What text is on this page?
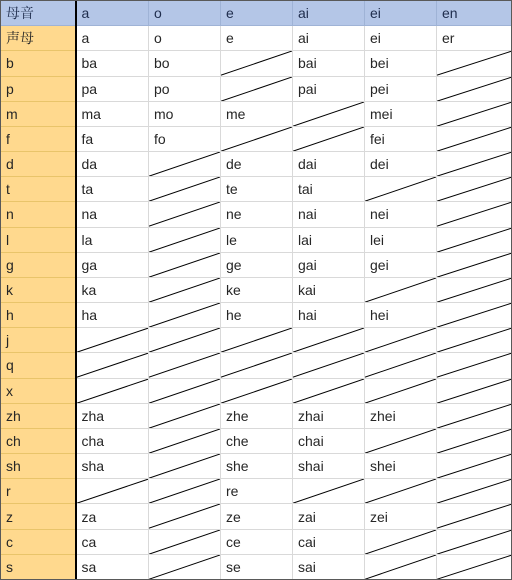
母音	a	o	e	ai	ei	en
声母	a	o	e	ai	ei	er
b	ba	bo		bai	bei	

p	pa	po		pai	pei	

m	ma	mo	me		mei	

f	fa	fo			fei	

d	da		de	dai	dei	

t	ta		te	tai	

n	na		ne	nai	nei	

l	la		le	lai	lei	

g	ga		ge	gai	gei	

k	ka		ke	kai	

h	ha		he	hai	hei	

j	

q	

x	

zh	zha		zhe	zhai	zhei	

ch	cha		che	chai	

sh	sha		she	shai	shei	

r			re	

z	za		ze	zai	zei	

c	ca		ce	cai	

s	sa		se	sai	
